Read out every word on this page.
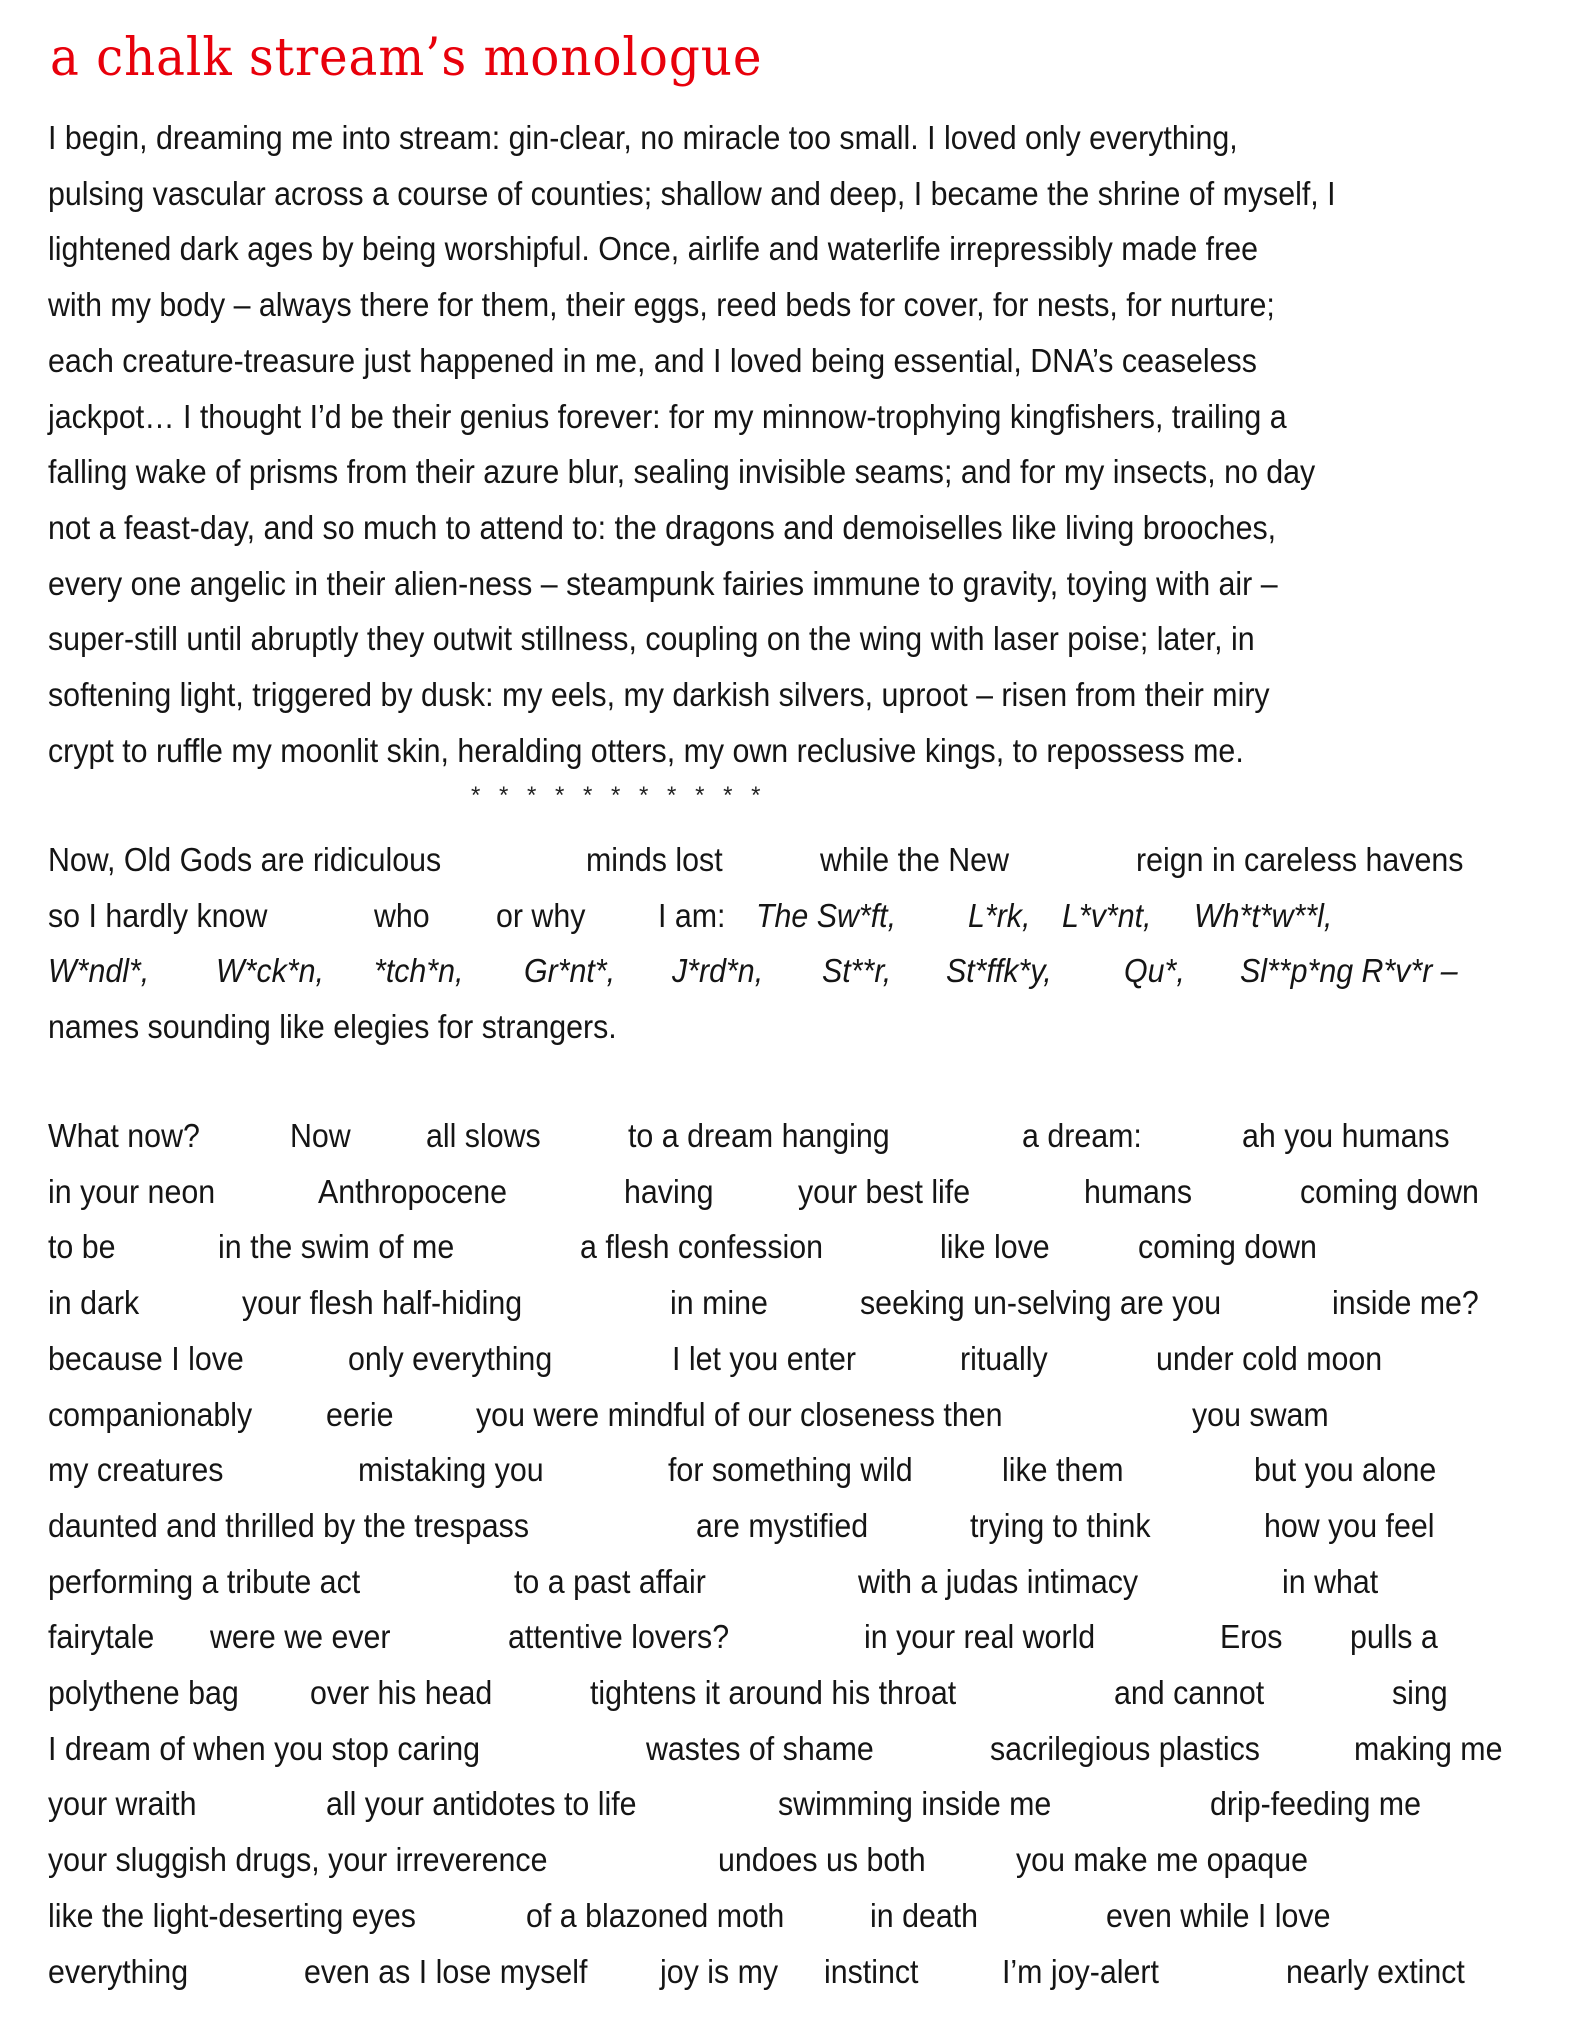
a chalk stream’s monologue
I begin, dreaming me into stream: gin-clear, no miracle too small. I loved only everything,
pulsing vascular across a course of counties; shallow and deep, I became the shrine of myself, I
lightened dark ages by being worshipful. Once, airlife and waterlife irrepressibly made free
with my body – always there for them, their eggs, reed beds for cover, for nests, for nurture;
each creature-treasure just happened in me, and I loved being essential, DNA’s ceaseless
jackpot… I thought I’d be their genius forever: for my minnow-trophying kingfishers, trailing a
falling wake of prisms from their azure blur, sealing invisible seams; and for my insects, no day
not a feast-day, and so much to attend to: the dragons and demoiselles like living brooches,
every one angelic in their alien-ness – steampunk fairies immune to gravity, toying with air –
super-still until abruptly they outwit stillness, coupling on the wing with laser poise; later, in
softening light, triggered by dusk: my eels, my darkish silvers, uproot – risen from their miry
crypt to ruffle my moonlit skin, heralding otters, my own reclusive kings, to repossess me.
* * * * * * * * * * *
Now, Old Gods are ridiculous	minds lost	while the New	reign in careless havens
so I hardly know	who or why I am: The Sw*ft, L*rk, L*v*nt, Wh*t*w**l,
W*ndl*, W*ck*n, *tch*n, Gr*nt*, J*rd*n, St**r, St*ffk*y, Qu*, Sl**p*ng R*v*r –
names sounding like elegies for strangers.
What now?	Now all slows	to a dream hanging	a dream:	ah you humans
in your neon	Anthropocene	having	your best life	humans	coming down
to be	in the swim of me	a flesh confession	like love	coming down
in dark	your flesh half-hiding	in mine	seeking un-selving are you	inside me?
because I love	only everything	I let you enter	ritually	under cold moon
companionably eerie you were mindful of our closeness then	you swam
my creatures	mistaking you	for something wild	like them	but you alone
daunted and thrilled by the trespass	are mystified	trying to think	how you feel
performing a tribute act	to a past affair	with a judas intimacy	in what
fairytale were we ever	attentive lovers?	in your real world	Eros pulls a
polythene bag over his head	tightens it around his throat	and cannot	sing
I dream of when you stop caring	wastes of shame	sacrilegious plastics	making me
your wraith	all your antidotes to life	swimming inside me	drip-feeding me
your sluggish drugs, your irreverence	undoes us both	you make me opaque
like the light-deserting eyes	of a blazoned moth	in death	even while I love
everything	even as I lose myself joy is my instinct	I’m joy-alert	nearly extinct
